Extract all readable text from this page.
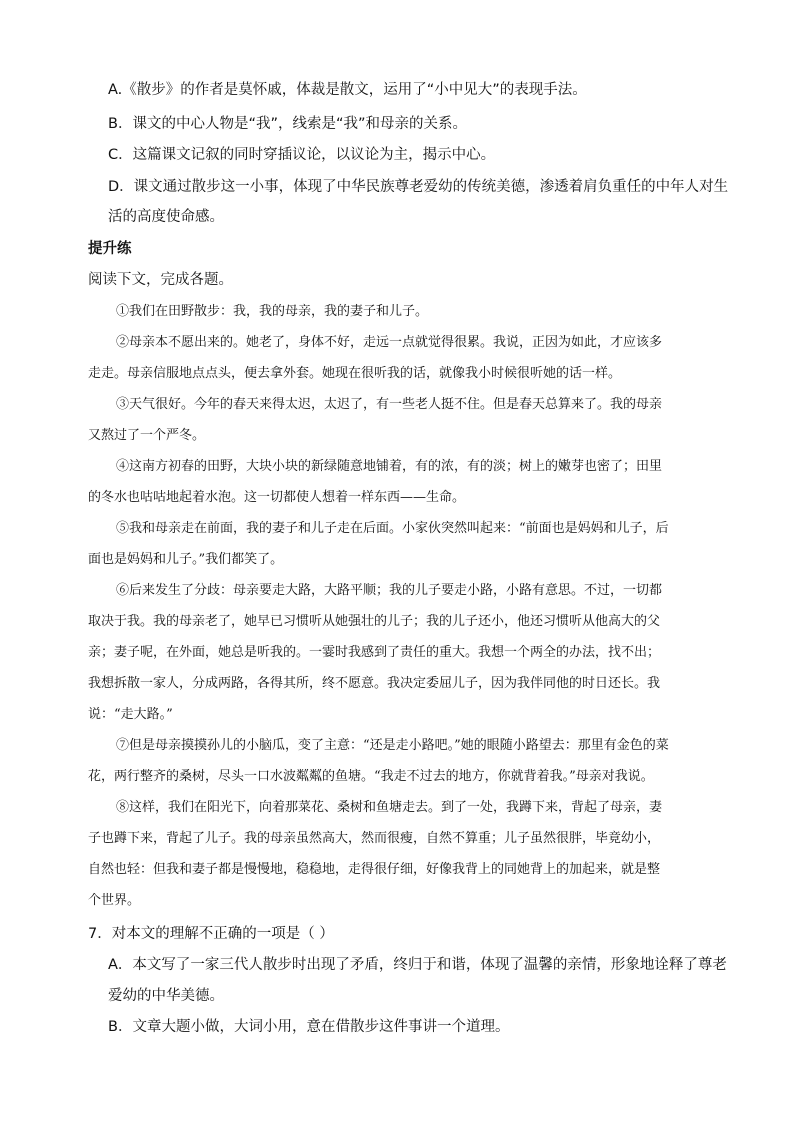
A.《散步》的作者是莫怀戚，体裁是散文，运用了“小中见大”的表现手法。
B．课文的中心人物是“我”，线索是“我”和母亲的关系。
C．这篇课文记叙的同时穿插议论，以议论为主，揭示中心。
D．课文通过散步这一小事，体现了中华民族尊老爱幼的传统美德，渗透着肩负重任的中年人对生
活的高度使命感。
提升练
阅读下文，完成各题。
①我们在田野散步：我，我的母亲，我的妻子和儿子。
②母亲本不愿出来的。她老了，身体不好，走远一点就觉得很累。我说，正因为如此，才应该多
走走。母亲信服地点点头，便去拿外套。她现在很听我的话，就像我小时候很听她的话一样。
③天气很好。今年的春天来得太迟，太迟了，有一些老人挺不住。但是春天总算来了。我的母亲
又熬过了一个严冬。
④这南方初春的田野，大块小块的新绿随意地铺着，有的浓，有的淡；树上的嫩芽也密了；田里
的冬水也咕咕地起着水泡。这一切都使人想着一样东西——生命。
⑤我和母亲走在前面，我的妻子和儿子走在后面。小家伙突然叫起来：“前面也是妈妈和儿子，后
面也是妈妈和儿子。”我们都笑了。
⑥后来发生了分歧：母亲要走大路，大路平顺；我的儿子要走小路，小路有意思。不过，一切都
取决于我。我的母亲老了，她早已习惯听从她强壮的儿子；我的儿子还小，他还习惯听从他高大的父
亲；妻子呢，在外面，她总是听我的。一霎时我感到了责任的重大。我想一个两全的办法，找不出；
我想拆散一家人，分成两路，各得其所，终不愿意。我决定委屈儿子，因为我伴同他的时日还长。我
说：“走大路。”
⑦但是母亲摸摸孙儿的小脑瓜，变了主意：“还是走小路吧。”她的眼随小路望去：那里有金色的菜
花，两行整齐的桑树，尽头一口水波粼粼的鱼塘。“我走不过去的地方，你就背着我。”母亲对我说。
⑧这样，我们在阳光下，向着那菜花、桑树和鱼塘走去。到了一处，我蹲下来，背起了母亲，妻
子也蹲下来，背起了儿子。我的母亲虽然高大，然而很瘦，自然不算重；儿子虽然很胖，毕竟幼小，
自然也轻：但我和妻子都是慢慢地，稳稳地，走得很仔细，好像我背上的同她背上的加起来，就是整
个世界。
7．对本文的理解不正确的一项是（ ）
A．本文写了一家三代人散步时出现了矛盾，终归于和谐，体现了温馨的亲情，形象地诠释了尊老
爱幼的中华美德。
B．文章大题小做，大词小用，意在借散步这件事讲一个道理。
